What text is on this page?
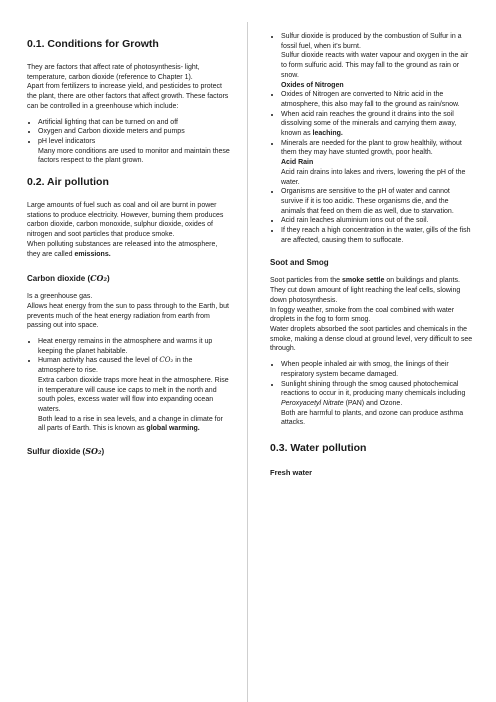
0.1. Conditions for Growth

They are factors that affect rate of photosynthesis- light, temperature, carbon dioxide (reference to Chapter 1).

Apart from fertilizers to increase yield, and pesticides to protect the plant, there are other factors that affect growth. These factors can be controlled in a greenhouse which include:

• Artificial lighting that can be turned on and off
• Oxygen and Carbon dioxide meters and pumps
• pH level indicators
Many more conditions are used to monitor and maintain these factors respect to the plant grown.
0.2. Air pollution

Large amounts of fuel such as coal and oil are burnt in power stations to produce electricity. However, burning them produces carbon dioxide, carbon monoxide, sulphur dioxide, oxides of nitrogen and soot particles that produce smoke.

When polluting substances are released into the atmosphere, they are called emissions.

Carbon dioxide (CO₂)

Is a greenhouse gas.

Allows heat energy from the sun to pass through to the Earth, but prevents much of the heat energy radiation from earth from passing out into space.

• Heat energy remains in the atmosphere and warms it up keeping the planet habitable.
• Human activity has caused the level of CO₂ in the atmosphere to rise.
Extra carbon dioxide traps more heat in the atmosphere. Rise in temperature will cause ice caps to melt in the north and south poles, excess water will flow into expanding ocean waters.
Both lead to a rise in sea levels, and a change in climate for all parts of Earth. This is known as global warming.
Sulfur dioxide (SO₂)
• Sulfur dioxide is produced by the combustion of Sulfur in a fossil fuel, when it's burnt.
Sulfur dioxide reacts with water vapour and oxygen in the air to form sulfuric acid. This may fall to the ground as rain or snow.
Oxides of Nitrogen
• Oxides of Nitrogen are converted to Nitric acid in the atmosphere, this also may fall to the ground as rain/snow.
• When acid rain reaches the ground it drains into the soil dissolving some of the minerals and carrying them away, known as leaching.
• Minerals are needed for the plant to grow healthily, without them they may have stunted growth, poor health.
Acid Rain
Acid rain drains into lakes and rivers, lowering the pH of the water.
• Organisms are sensitive to the pH of water and cannot survive if it is too acidic. These organisms die, and the animals that feed on them die as well, due to starvation.
• Acid rain leaches aluminium ions out of the soil.
• If they reach a high concentration in the water, gills of the fish are affected, causing them to suffocate.
Soot and Smog

Soot particles from the smoke settle on buildings and plants.

They cut down amount of light reaching the leaf cells, slowing down photosynthesis.

In foggy weather, smoke from the coal combined with water droplets in the fog to form smog.

Water droplets absorbed the soot particles and chemicals in the smoke, making a dense cloud at ground level, very difficult to see through.

• When people inhaled air with smog, the linings of their respiratory system became damaged.
• Sunlight shining through the smog caused photochemical reactions to occur in it, producing many chemicals including Peroxyacetyl Nitrate (PAN) and Ozone.
Both are harmful to plants, and ozone can produce asthma attacks.
0.3. Water pollution
Fresh water
